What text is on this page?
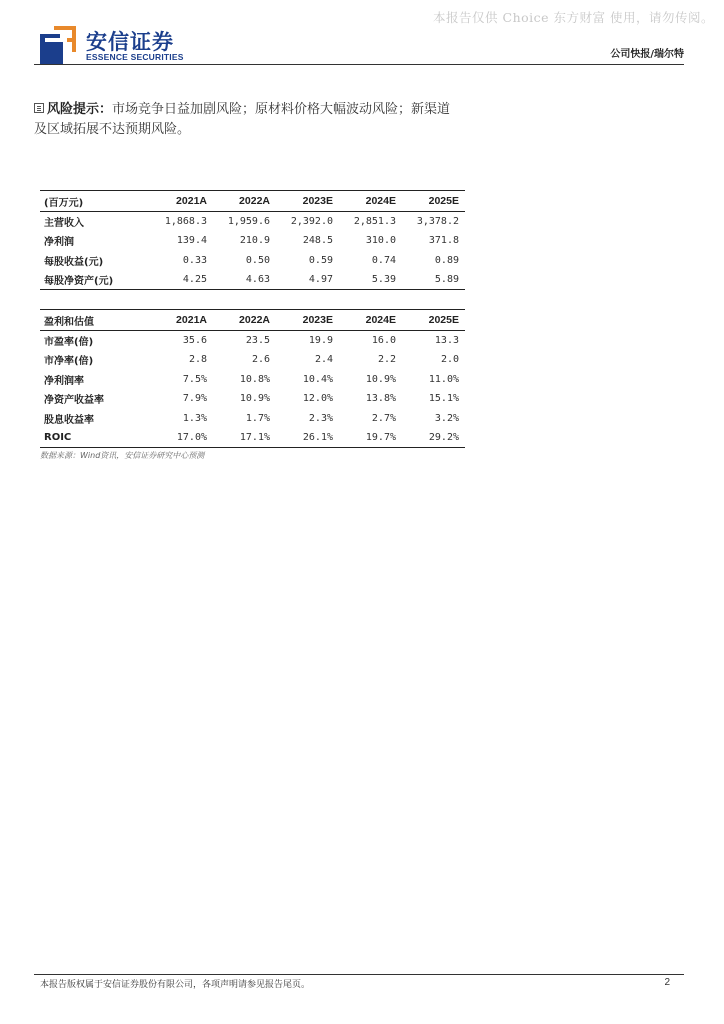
本报告仅供 Choice 东方财富 使用，请勿传阅。
安信证券
ESSENCE SECURITIES	公司快报/瑞尔特
风险提示：市场竞争日益加剧风险；原材料价格大幅波动风险；新渠道及区域拓展不达预期风险。
(百万元)	2021A	2022A	2023E	2024E	2025E
主营收入	1,868.3	1,959.6	2,392.0	2,851.3	3,378.2
净利润	139.4	210.9	248.5	310.0	371.8
每股收益(元)	0.33	0.50	0.59	0.74	0.89
每股净资产(元)	4.25	4.63	4.97	5.39	5.89
盈利和估值	2021A	2022A	2023E	2024E	2025E
市盈率(倍)	35.6	23.5	19.9	16.0	13.3
市净率(倍)	2.8	2.6	2.4	2.2	2.0
净利润率	7.5%	10.8%	10.4%	10.9%	11.0%
净资产收益率	7.9%	10.9%	12.0%	13.8%	15.1%
股息收益率	1.3%	1.7%	2.3%	2.7%	3.2%
ROIC	17.0%	17.1%	26.1%	19.7%	29.2%
数据来源：Wind资讯，安信证券研究中心预测
本报告版权属于安信证券股份有限公司，各项声明请参见报告尾页。	2
